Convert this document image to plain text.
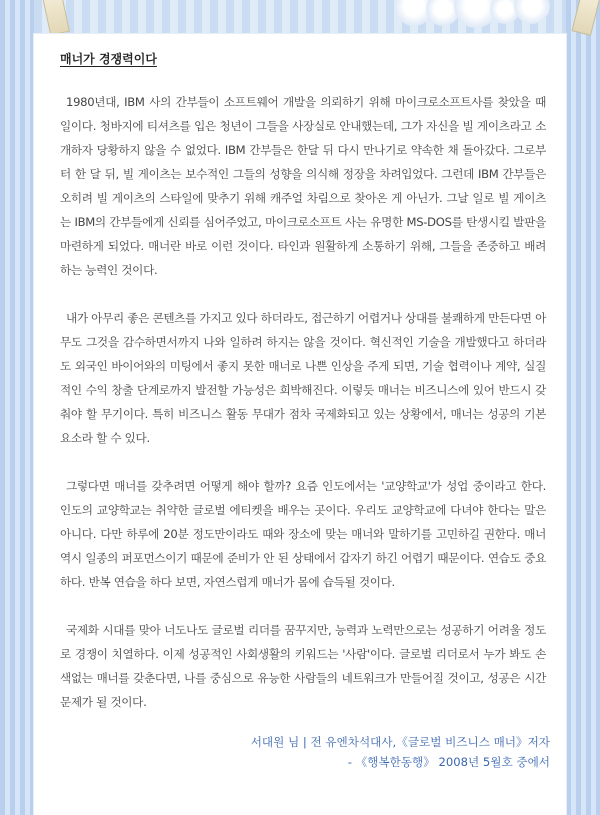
매너가 경쟁력이다

1980년대, IBM 사의 간부들이 소프트웨어 개발을 의뢰하기 위해 마이크로소프트사를 찾았을 때 일이다. 청바지에 티셔츠를 입은 청년이 그들을 사장실로 안내했는데, 그가 자신을 빌 게이츠라고 소개하자 당황하지 않을 수 없었다. IBM 간부들은 한달 뒤 다시 만나기로 약속한 채 돌아갔다. 그로부터 한 달 뒤, 빌 게이츠는 보수적인 그들의 성향을 의식해 정장을 차려입었다. 그런데 IBM 간부들은 오히려 빌 게이츠의 스타일에 맞추기 위해 캐주얼 차림으로 찾아온 게 아닌가. 그날 일로 빌 게이츠는 IBM의 간부들에게 신뢰를 심어주었고, 마이크로소프트 사는 유명한 MS-DOS를 탄생시킬 발판을 마련하게 되었다. 매너란 바로 이런 것이다. 타인과 원활하게 소통하기 위해, 그들을 존중하고 배려하는 능력인 것이다.

내가 아무리 좋은 콘텐츠를 가지고 있다 하더라도, 접근하기 어렵거나 상대를 불쾌하게 만든다면 아무도 그것을 감수하면서까지 나와 일하려 하지는 않을 것이다. 혁신적인 기술을 개발했다고 하더라도 외국인 바이어와의 미팅에서 좋지 못한 매너로 나쁜 인상을 주게 되면, 기술 협력이나 계약, 실질적인 수익 창출 단계로까지 발전할 가능성은 희박해진다. 이렇듯 매너는 비즈니스에 있어 반드시 갖춰야 할 무기이다. 특히 비즈니스 활동 무대가 점차 국제화되고 있는 상황에서, 매너는 성공의 기본 요소라 할 수 있다.

그렇다면 매너를 갖추려면 어떻게 해야 할까? 요즘 인도에서는 '교양학교'가 성업 중이라고 한다. 인도의 교양학교는 취약한 글로벌 에티켓을 배우는 곳이다. 우리도 교양학교에 다녀야 한다는 말은 아니다. 다만 하루에 20분 정도만이라도 때와 장소에 맞는 매너와 말하기를 고민하길 권한다. 매너 역시 일종의 퍼포먼스이기 때문에 준비가 안 된 상태에서 갑자기 하긴 어렵기 때문이다. 연습도 중요하다. 반복 연습을 하다 보면, 자연스럽게 매너가 몸에 습득될 것이다.

국제화 시대를 맞아 너도나도 글로벌 리더를 꿈꾸지만, 능력과 노력만으로는 성공하기 어려울 정도로 경쟁이 치열하다. 이제 성공적인 사회생활의 키워드는 '사람'이다. 글로벌 리더로서 누가 봐도 손색없는 매너를 갖춘다면, 나를 중심으로 유능한 사람들의 네트워크가 만들어질 것이고, 성공은 시간 문제가 될 것이다.

서대원 님 | 전 유엔차석대사,《글로벌 비즈니스 매너》저자
- 《행복한동행》 2008년 5월호 중에서
